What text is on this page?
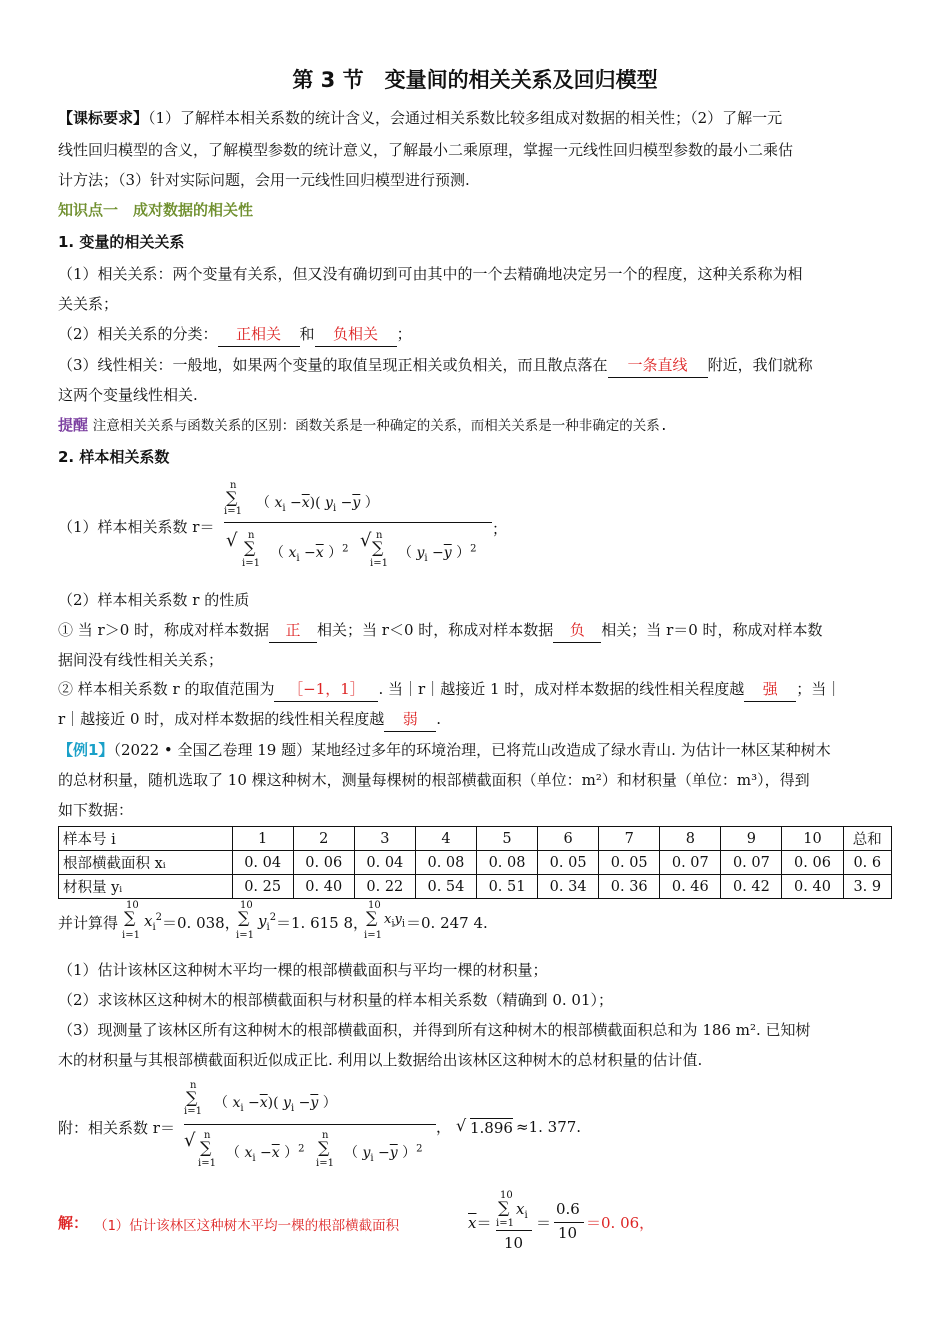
第 3 节　变量间的相关关系及回归模型
【课标要求】（1）了解样本相关系数的统计含义，会通过相关系数比较多组成对数据的相关性；（2）了解一元
线性回归模型的含义，了解模型参数的统计意义，了解最小二乘原理，掌握一元线性回归模型参数的最小二乘估
计方法；（3）针对实际问题，会用一元线性回归模型进行预测.
知识点一　成对数据的相关性
1. 变量的相关关系
（1）相关关系：两个变量有关系，但又没有确切到可由其中的一个去精确地决定另一个的程度，这种关系称为相
关关系；
（2）相关关系的分类： 正相关 和 负相关 ；
（3）线性相关：一般地，如果两个变量的取值呈现正相关或负相关，而且散点落在 一条直线 附近，我们就称
这两个变量线性相关.
提醒 注意相关关系与函数关系的区别：函数关系是一种确定的关系，而相关关系是一种非确定的关系.
2. 样本相关系数
（1）样本相关系数 r＝
n
∑
i=1
（ $x_i -\overline{x}$)( $y_i -\overline{y}$ ）
；
√ n
∑
i=1
（ $x_i -\overline{x}$ ）$^2$ √ n
∑
i=1
（ $y_i -\overline{y}$ ）$^2$
（2）样本相关系数 r 的性质
① 当 r＞0 时，称成对样本数据 正 相关；当 r＜0 时，称成对样本数据 负 相关；当 r＝0 时，称成对样本数
据间没有线性相关关系；
② 样本相关系数 r 的取值范围为 ［−1，1］ . 当｜r｜越接近 1 时，成对样本数据的线性相关程度越 强 ；当｜
r｜越接近 0 时，成对样本数据的线性相关程度越 弱 .
【例1】（2022 • 全国乙卷理 19 题）某地经过多年的环境治理，已将荒山改造成了绿水青山. 为估计一林区某种树木
的总材积量，随机选取了 10 棵这种树木，测量每棵树的根部横截面积（单位：m²）和材积量（单位：m³），得到
如下数据：
样本号 i	1	2	3	4	5	6	7	8	9	10	总和
根部横截面积 xᵢ	0. 04	0. 06	0. 04	0. 08	0. 08	0. 05	0. 05	0. 07	0. 07	0. 06	0. 6
材积量 yᵢ	0. 25	0. 40	0. 22	0. 54	0. 51	0. 34	0. 36	0. 46	0. 42	0. 40	3. 9
并计算得
10
∑
i=1
$x_i^2 =0$. 038，
10
∑
i=1
$y_i^2 =1$. 615 8，
10
∑
i=1
$x_iy_i =0$. 247 4.
（1）估计该林区这种树木平均一棵的根部横截面积与平均一棵的材积量；
（2）求该林区这种树木的根部横截面积与材积量的样本相关系数（精确到 0. 01）；
（3）现测量了该林区所有这种树木的根部横截面积，并得到所有这种树木的根部横截面积总和为 186 m². 已知树
木的材积量与其根部横截面积近似成正比. 利用以上数据给出该林区这种树木的总材积量的估计值.
附：相关系数 r＝
n
∑
i=1
（ $x_i -\overline{x}$)( $y_i -\overline{y}$ ）
， √ 1.896 ≈1. 377.
√ n
∑
i=1
（ $x_i -\overline{x}$ ）$^2$
n
∑
i=1
（ $y_i -\overline{y}$ ）$^2$
解： （1）估计该林区这种树木平均一棵的根部横截面积	$\overline{x}=$
10
∑
i=1
$x_i$
10
＝
0.6
10
＝0. 06，
